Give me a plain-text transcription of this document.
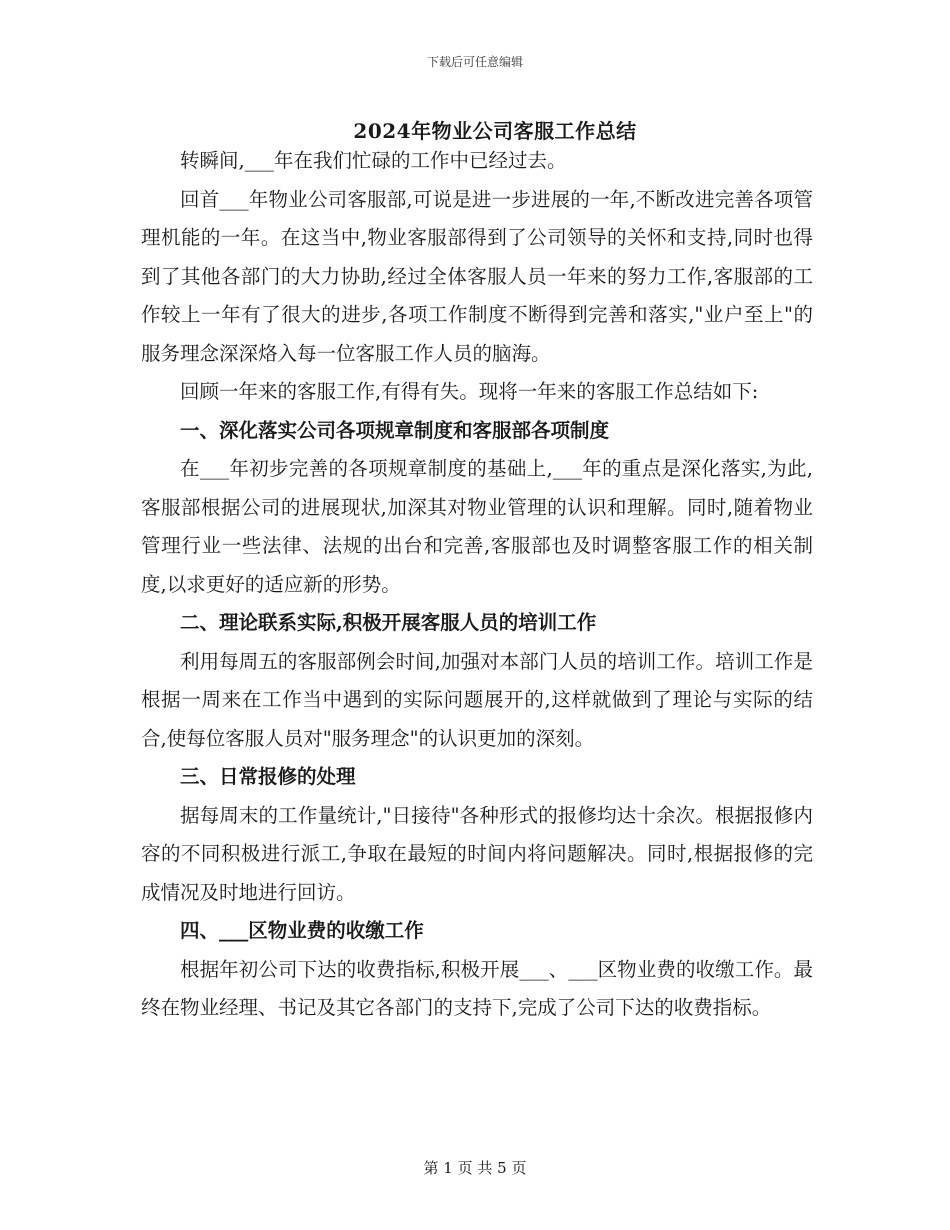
下载后可任意编辑
2024年物业公司客服工作总结

转瞬间,___年在我们忙碌的工作中已经过去。

回首___年物业公司客服部,可说是进一步进展的一年,不断改进完善各项管理机能的一年。在这当中,物业客服部得到了公司领导的关怀和支持,同时也得到了其他各部门的大力协助,经过全体客服人员一年来的努力工作,客服部的工作较上一年有了很大的进步,各项工作制度不断得到完善和落实,"业户至上"的服务理念深深烙入每一位客服工作人员的脑海。

回顾一年来的客服工作,有得有失。现将一年来的客服工作总结如下:

一、深化落实公司各项规章制度和客服部各项制度

在___年初步完善的各项规章制度的基础上,___年的重点是深化落实,为此,客服部根据公司的进展现状,加深其对物业管理的认识和理解。同时,随着物业管理行业一些法律、法规的出台和完善,客服部也及时调整客服工作的相关制度,以求更好的适应新的形势。

二、理论联系实际,积极开展客服人员的培训工作

利用每周五的客服部例会时间,加强对本部门人员的培训工作。培训工作是根据一周来在工作当中遇到的实际问题展开的,这样就做到了理论与实际的结合,使每位客服人员对"服务理念"的认识更加的深刻。

三、日常报修的处理

据每周末的工作量统计,"日接待"各种形式的报修均达十余次。根据报修内容的不同积极进行派工,争取在最短的时间内将问题解决。同时,根据报修的完成情况及时地进行回访。

四、___区物业费的收缴工作

根据年初公司下达的收费指标,积极开展___、___区物业费的收缴工作。最终在物业经理、书记及其它各部门的支持下,完成了公司下达的收费指标。

第 1 页 共 5 页
